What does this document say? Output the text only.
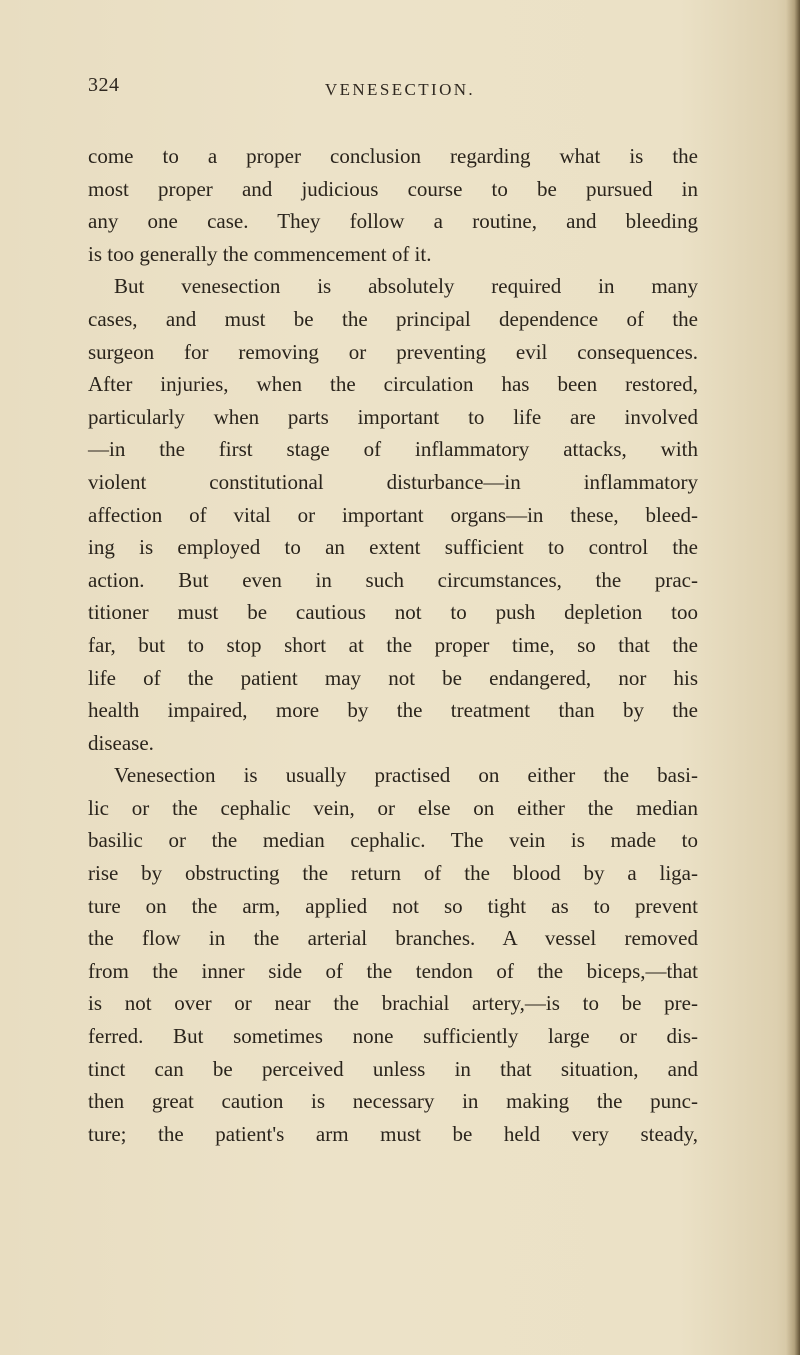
324	VENESECTION.
come to a proper conclusion regarding what is the
most proper and judicious course to be pursued in
any one case. They follow a routine, and bleeding
is too generally the commencement of it.
But venesection is absolutely required in many
cases, and must be the principal dependence of the
surgeon for removing or preventing evil consequences.
After injuries, when the circulation has been restored,
particularly when parts important to life are involved
—in the first stage of inflammatory attacks, with
violent constitutional disturbance—in inflammatory
affection of vital or important organs—in these, bleed-
ing is employed to an extent sufficient to control the
action. But even in such circumstances, the prac-
titioner must be cautious not to push depletion too
far, but to stop short at the proper time, so that the
life of the patient may not be endangered, nor his
health impaired, more by the treatment than by the
disease.
Venesection is usually practised on either the basi-
lic or the cephalic vein, or else on either the median
basilic or the median cephalic. The vein is made to
rise by obstructing the return of the blood by a liga-
ture on the arm, applied not so tight as to prevent
the flow in the arterial branches. A vessel removed
from the inner side of the tendon of the biceps,—that
is not over or near the brachial artery,—is to be pre-
ferred. But sometimes none sufficiently large or dis-
tinct can be perceived unless in that situation, and
then great caution is necessary in making the punc-
ture; the patient's arm must be held very steady,
